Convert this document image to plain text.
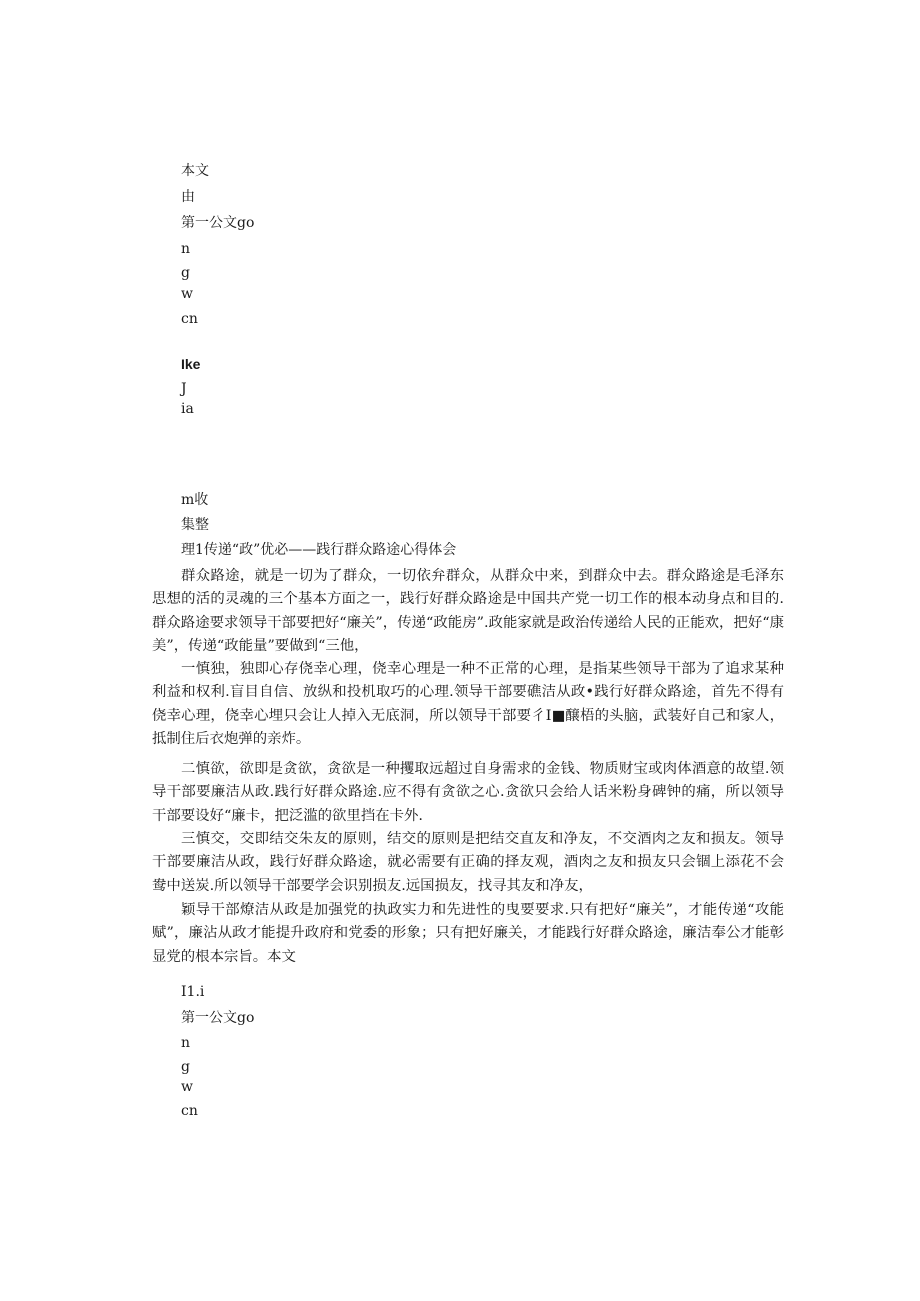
本文
由
第一公文go
n
g
w
cn
Ike
J
ia
m收
集整
理1传递“政”优必——践行群众路途心得体会

群众路途，就是一切为了群众，一切依弁群众，从群众中来，到群众中去。群众路途是毛泽东思想的活的灵魂的三个基本方面之一，践行好群众路途是中国共产党一切工作的根本动身点和目的.群众路途要求领导干部要把好“廉关”，传递“政能房”.政能家就是政治传递给人民的正能欢，把好“康美”，传递“政能量”要做到“三他，

一慎独，独即心存侥幸心理，侥幸心理是一种不正常的心理，是指某些领导干部为了追求某种利益和权利.盲目自信、放纵和投机取巧的心理.领导干部要礁洁从政•践行好群众路途，首先不得有侥幸心理，侥幸心埋只会让人掉入无底洞，所以领导干部要彳I■醸梧的头脑，武装好自己和家人，抵制住后衣炮弹的亲炸。

二慎欲，欲即是贪欲，贪欲是一种攫取远超过自身需求的金钱、物质财宝或肉体酒意的故望.领导干部要廉洁从政.践行好群众路途.应不得有贪欲之心.贪欲只会给人话米粉身碑钟的痛，所以领导干部要设好“廉卡，把泛滥的欲里挡在卡外.

三慎交，交即结交朱友的原则，结交的原则是把结交直友和净友，不交酒肉之友和损友。领导干部要廉洁从政，践行好群众路途，就必需要有正确的择友观，酒肉之友和损友只会锢上添花不会鸯中送炭.所以领导干部要学会识别损友.远国损友，找寻其友和净友，

颖导干部燎洁从政是加强党的执政实力和先进性的曳要要求.只有把好“廉关”，才能传递“攻能赋”，廉沾从政才能提升政府和党委的形象；只有把好廉关，才能践行好群众路途，廉洁奉公才能彰显党的根本宗旨。本文

I1.i
第一公文go
n
g
w
cn
